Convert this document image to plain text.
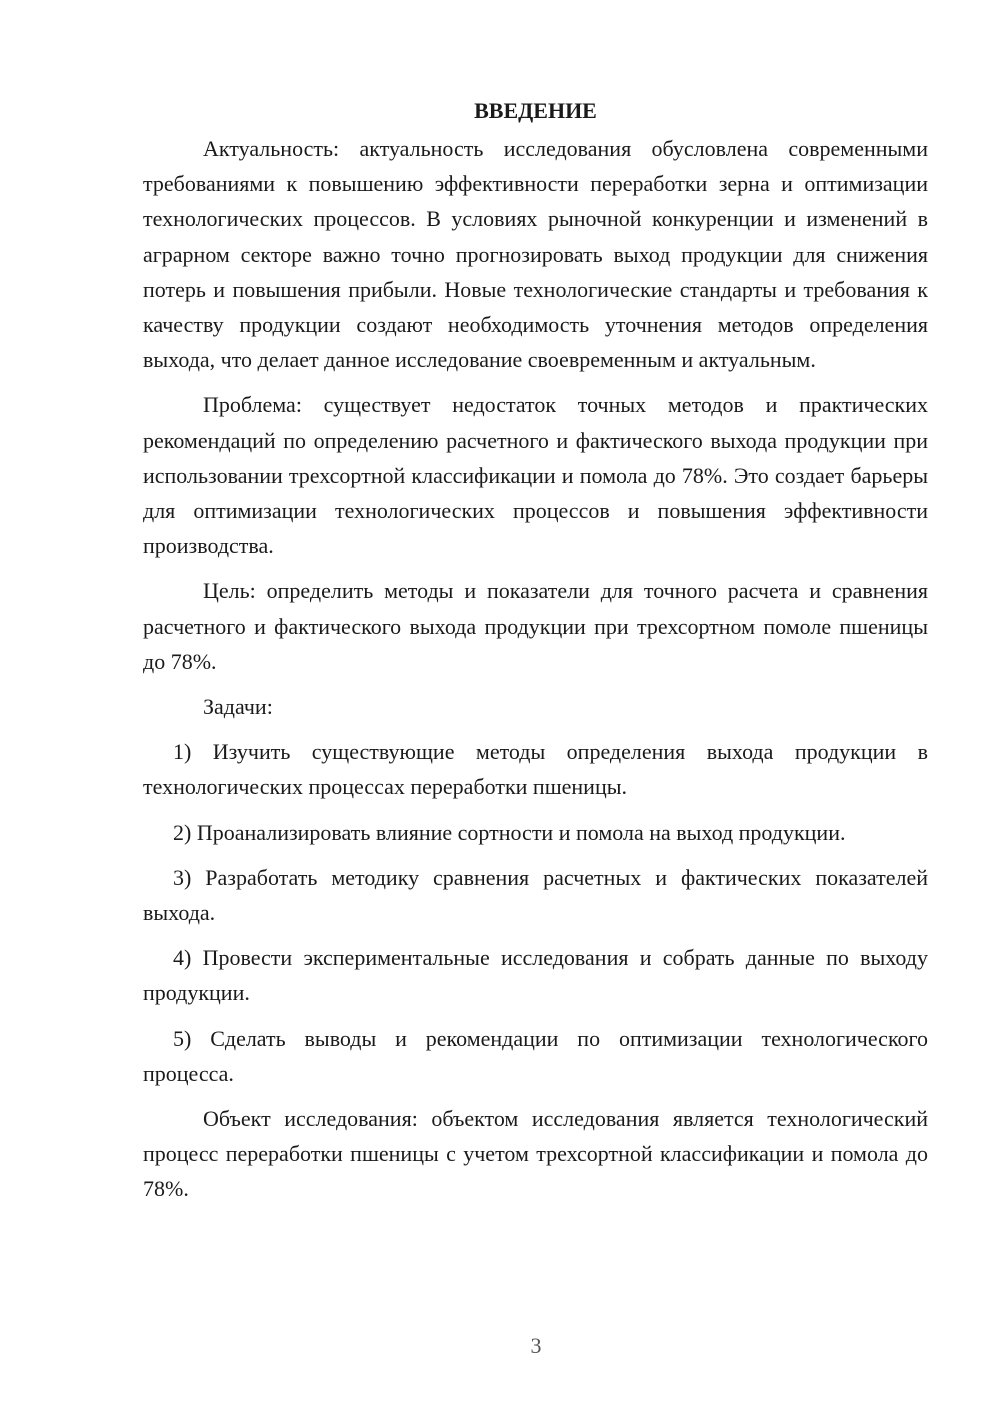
ВВЕДЕНИЕ

Актуальность: актуальность исследования обусловлена современными требованиями к повышению эффективности переработки зерна и оптимизации технологических процессов. В условиях рыночной конкуренции и изменений в аграрном секторе важно точно прогнозировать выход продукции для снижения потерь и повышения прибыли. Новые технологические стандарты и требования к качеству продукции создают необходимость уточнения методов определения выхода, что делает данное исследование своевременным и актуальным.

Проблема: существует недостаток точных методов и практических рекомендаций по определению расчетного и фактического выхода продукции при использовании трехсортной классификации и помола до 78%. Это создает барьеры для оптимизации технологических процессов и повышения эффективности производства.

Цель: определить методы и показатели для точного расчета и сравнения расчетного и фактического выхода продукции при трехсортном помоле пшеницы до 78%.

Задачи:

1) Изучить существующие методы определения выхода продукции в технологических процессах переработки пшеницы.

2) Проанализировать влияние сортности и помола на выход продукции.

3) Разработать методику сравнения расчетных и фактических показателей выхода.

4) Провести экспериментальные исследования и собрать данные по выходу продукции.

5) Сделать выводы и рекомендации по оптимизации технологического процесса.

Объект исследования: объектом исследования является технологический процесс переработки пшеницы с учетом трехсортной классификации и помола до 78%.

3
